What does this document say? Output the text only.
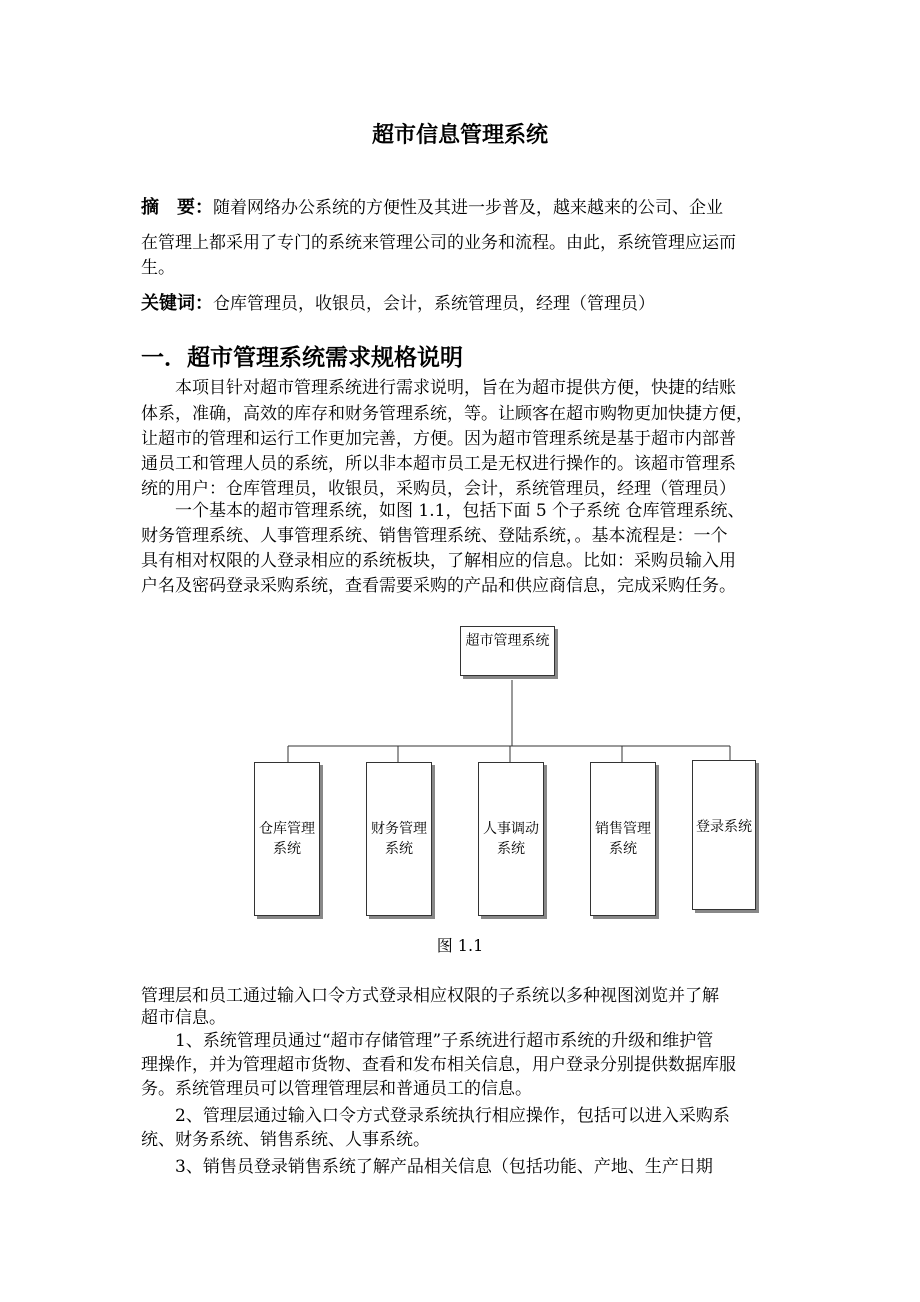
超市信息管理系统
摘　要：随着网络办公系统的方便性及其进一步普及，越来越来的公司、企业
在管理上都采用了专门的系统来管理公司的业务和流程。由此，系统管理应运而
生。
关键词：仓库管理员，收银员，会计，系统管理员，经理（管理员）
一．超市管理系统需求规格说明
　　本项目针对超市管理系统进行需求说明，旨在为超市提供方便，快捷的结账
体系，准确，高效的库存和财务管理系统，等。让顾客在超市购物更加快捷方便，
让超市的管理和运行工作更加完善，方便。因为超市管理系统是基于超市内部普
通员工和管理人员的系统，所以非本超市员工是无权进行操作的。该超市管理系
统的用户：仓库管理员，收银员，采购员，会计，系统管理员，经理（管理员）
　　一个基本的超市管理系统，如图 1.1，包括下面 5 个子系统 仓库管理系统、
财务管理系统、人事管理系统、销售管理系统、登陆系统，。基本流程是：一个
具有相对权限的人登录相应的系统板块，了解相应的信息。比如：采购员输入用
户名及密码登录采购系统，查看需要采购的产品和供应商信息，完成采购任务。
超市管理系统
仓库管理
系统
财务管理
系统
人事调动
系统
销售管理
系统
登录系统
图 1.1
管理层和员工通过输入口令方式登录相应权限的子系统以多种视图浏览并了解
超市信息。
　　1、系统管理员通过“超市存储管理”子系统进行超市系统的升级和维护管
理操作，并为管理超市货物、查看和发布相关信息，用户登录分别提供数据库服
务。系统管理员可以管理管理层和普通员工的信息。
　　2、管理层通过输入口令方式登录系统执行相应操作，包括可以进入采购系
统、财务系统、销售系统、人事系统。
　　3、销售员登录销售系统了解产品相关信息（包括功能、产地、生产日期
